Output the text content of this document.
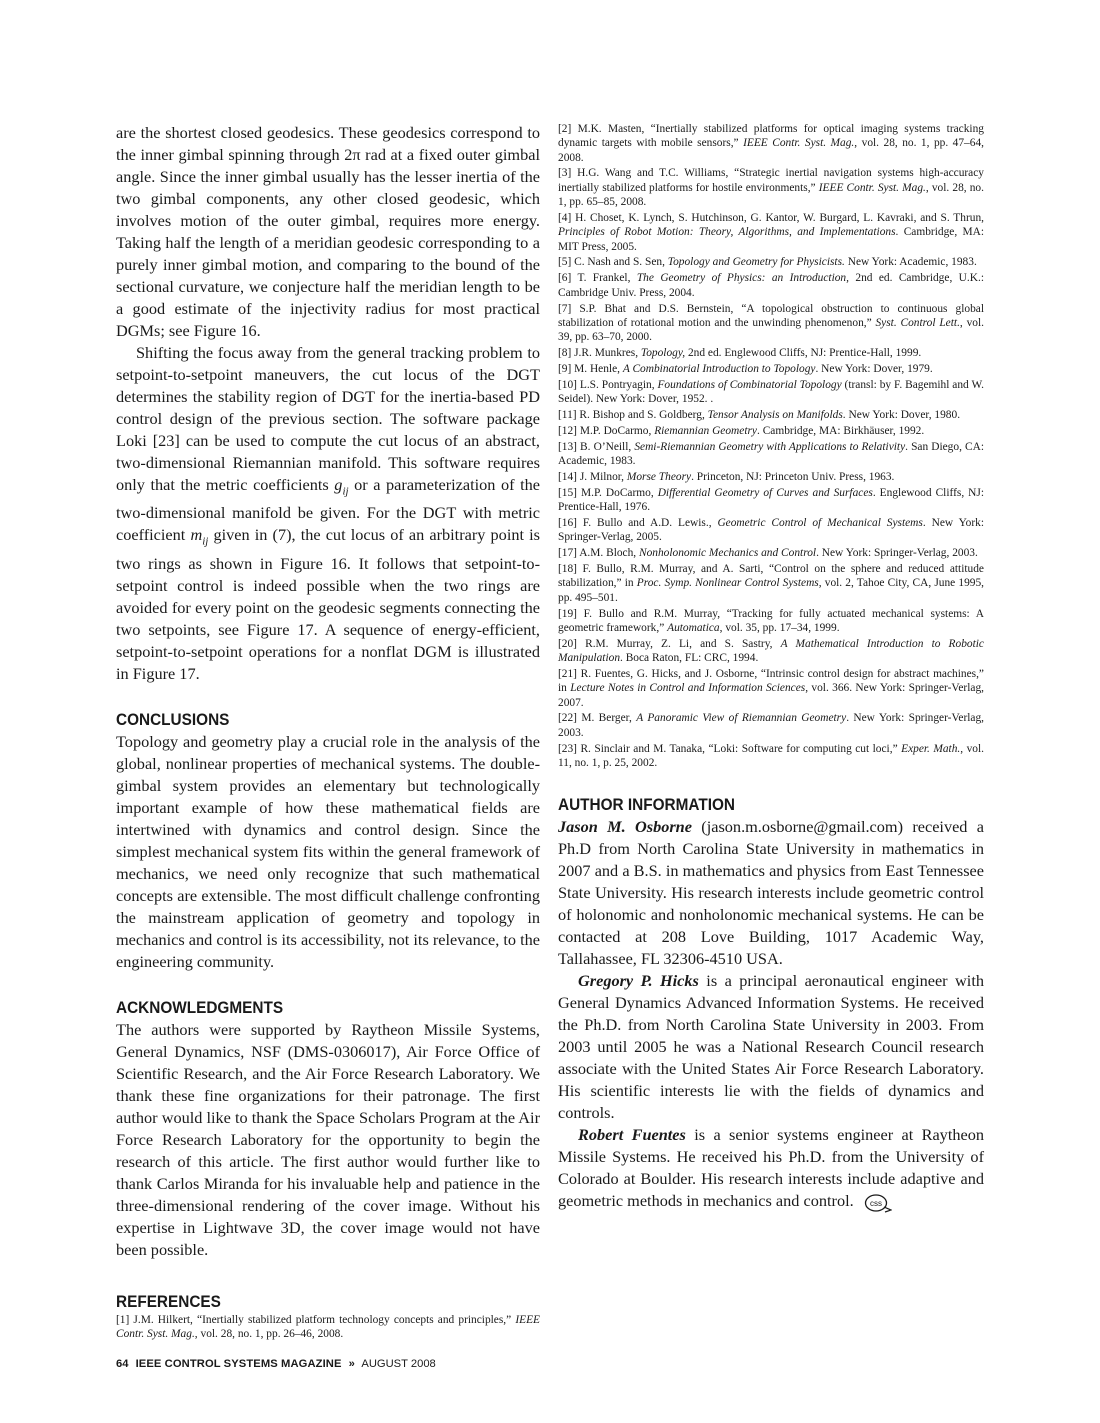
are the shortest closed geodesics. These geodesics correspond to the inner gimbal spinning through 2π rad at a fixed outer gimbal angle. Since the inner gimbal usually has the lesser inertia of the two gimbal components, any other closed geodesic, which involves motion of the outer gimbal, requires more energy. Taking half the length of a meridian geodesic corresponding to a purely inner gimbal motion, and comparing to the bound of the sectional curvature, we conjecture half the meridian length to be a good estimate of the injectivity radius for most practical DGMs; see Figure 16.

Shifting the focus away from the general tracking problem to setpoint-to-setpoint maneuvers, the cut locus of the DGT determines the stability region of DGT for the inertia-based PD control design of the previous section. The software package Loki [23] can be used to compute the cut locus of an abstract, two-dimensional Riemannian manifold. This software requires only that the metric coefficients $g_{ij}$ or a parameterization of the two-dimensional manifold be given. For the DGT with metric coefficient $m_{ij}$ given in (7), the cut locus of an arbitrary point is two rings as shown in Figure 16. It follows that setpoint-to-setpoint control is indeed possible when the two rings are avoided for every point on the geodesic segments connecting the two setpoints, see Figure 17. A sequence of energy-efficient, setpoint-to-setpoint operations for a nonflat DGM is illustrated in Figure 17.

CONCLUSIONS

Topology and geometry play a crucial role in the analysis of the global, nonlinear properties of mechanical systems. The double-gimbal system provides an elementary but technologically important example of how these mathematical fields are intertwined with dynamics and control design. Since the simplest mechanical system fits within the general framework of mechanics, we need only recognize that such mathematical concepts are extensible. The most difficult challenge confronting the mainstream application of geometry and topology in mechanics and control is its accessibility, not its relevance, to the engineering community.

ACKNOWLEDGMENTS

The authors were supported by Raytheon Missile Systems, General Dynamics, NSF (DMS-0306017), Air Force Office of Scientific Research, and the Air Force Research Laboratory. We thank these fine organizations for their patronage. The first author would like to thank the Space Scholars Program at the Air Force Research Laboratory for the opportunity to begin the research of this article. The first author would further like to thank Carlos Miranda for his invaluable help and patience in the three-dimensional rendering of the cover image. Without his expertise in Lightwave 3D, the cover image would not have been possible.

REFERENCES

[1] J.M. Hilkert, “Inertially stabilized platform technology concepts and principles,” IEEE Contr. Syst. Mag., vol. 28, no. 1, pp. 26–46, 2008.

[2] M.K. Masten, “Inertially stabilized platforms for optical imaging systems tracking dynamic targets with mobile sensors,” IEEE Contr. Syst. Mag., vol. 28, no. 1, pp. 47–64, 2008.

[3] H.G. Wang and T.C. Williams, “Strategic inertial navigation systems high-accuracy inertially stabilized platforms for hostile environments,” IEEE Contr. Syst. Mag., vol. 28, no. 1, pp. 65–85, 2008.

[4] H. Choset, K. Lynch, S. Hutchinson, G. Kantor, W. Burgard, L. Kavraki, and S. Thrun, Principles of Robot Motion: Theory, Algorithms, and Implementations. Cambridge, MA: MIT Press, 2005.

[5] C. Nash and S. Sen, Topology and Geometry for Physicists. New York: Academic, 1983.

[6] T. Frankel, The Geometry of Physics: an Introduction, 2nd ed. Cambridge, U.K.: Cambridge Univ. Press, 2004.

[7] S.P. Bhat and D.S. Bernstein, “A topological obstruction to continuous global stabilization of rotational motion and the unwinding phenomenon,” Syst. Control Lett., vol. 39, pp. 63–70, 2000.

[8] J.R. Munkres, Topology, 2nd ed. Englewood Cliffs, NJ: Prentice-Hall, 1999.

[9] M. Henle, A Combinatorial Introduction to Topology. New York: Dover, 1979.

[10] L.S. Pontryagin, Foundations of Combinatorial Topology (transl: by F. Bagemihl and W. Seidel). New York: Dover, 1952. .

[11] R. Bishop and S. Goldberg, Tensor Analysis on Manifolds. New York: Dover, 1980.

[12] M.P. DoCarmo, Riemannian Geometry. Cambridge, MA: Birkhäuser, 1992.

[13] B. O’Neill, Semi-Riemannian Geometry with Applications to Relativity. San Diego, CA: Academic, 1983.

[14] J. Milnor, Morse Theory. Princeton, NJ: Princeton Univ. Press, 1963.

[15] M.P. DoCarmo, Differential Geometry of Curves and Surfaces. Englewood Cliffs, NJ: Prentice-Hall, 1976.

[16] F. Bullo and A.D. Lewis., Geometric Control of Mechanical Systems. New York: Springer-Verlag, 2005.

[17] A.M. Bloch, Nonholonomic Mechanics and Control. New York: Springer-Verlag, 2003.

[18] F. Bullo, R.M. Murray, and A. Sarti, “Control on the sphere and reduced attitude stabilization,” in Proc. Symp. Nonlinear Control Systems, vol. 2, Tahoe City, CA, June 1995, pp. 495–501.

[19] F. Bullo and R.M. Murray, “Tracking for fully actuated mechanical systems: A geometric framework,” Automatica, vol. 35, pp. 17–34, 1999.

[20] R.M. Murray, Z. Li, and S. Sastry, A Mathematical Introduction to Robotic Manipulation. Boca Raton, FL: CRC, 1994.

[21] R. Fuentes, G. Hicks, and J. Osborne, “Intrinsic control design for abstract machines,” in Lecture Notes in Control and Information Sciences, vol. 366. New York: Springer-Verlag, 2007.

[22] M. Berger, A Panoramic View of Riemannian Geometry. New York: Springer-Verlag, 2003.

[23] R. Sinclair and M. Tanaka, “Loki: Software for computing cut loci,” Exper. Math., vol. 11, no. 1, p. 25, 2002.

AUTHOR INFORMATION

Jason M. Osborne (jason.m.osborne@gmail.com) received a Ph.D from North Carolina State University in mathematics in 2007 and a B.S. in mathematics and physics from East Tennessee State University. His research interests include geometric control of holonomic and nonholonomic mechanical systems. He can be contacted at 208 Love Building, 1017 Academic Way, Tallahassee, FL 32306-4510 USA.

Gregory P. Hicks is a principal aeronautical engineer with General Dynamics Advanced Information Systems. He received the Ph.D. from North Carolina State University in 2003. From 2003 until 2005 he was a National Research Council research associate with the United States Air Force Research Laboratory. His scientific interests lie with the fields of dynamics and controls.

Robert Fuentes is a senior systems engineer at Raytheon Missile Systems. He received his Ph.D. from the University of Colorado at Boulder. His research interests include adaptive and geometric methods in mechanics and control. css

64 IEEE CONTROL SYSTEMS MAGAZINE » AUGUST 2008
